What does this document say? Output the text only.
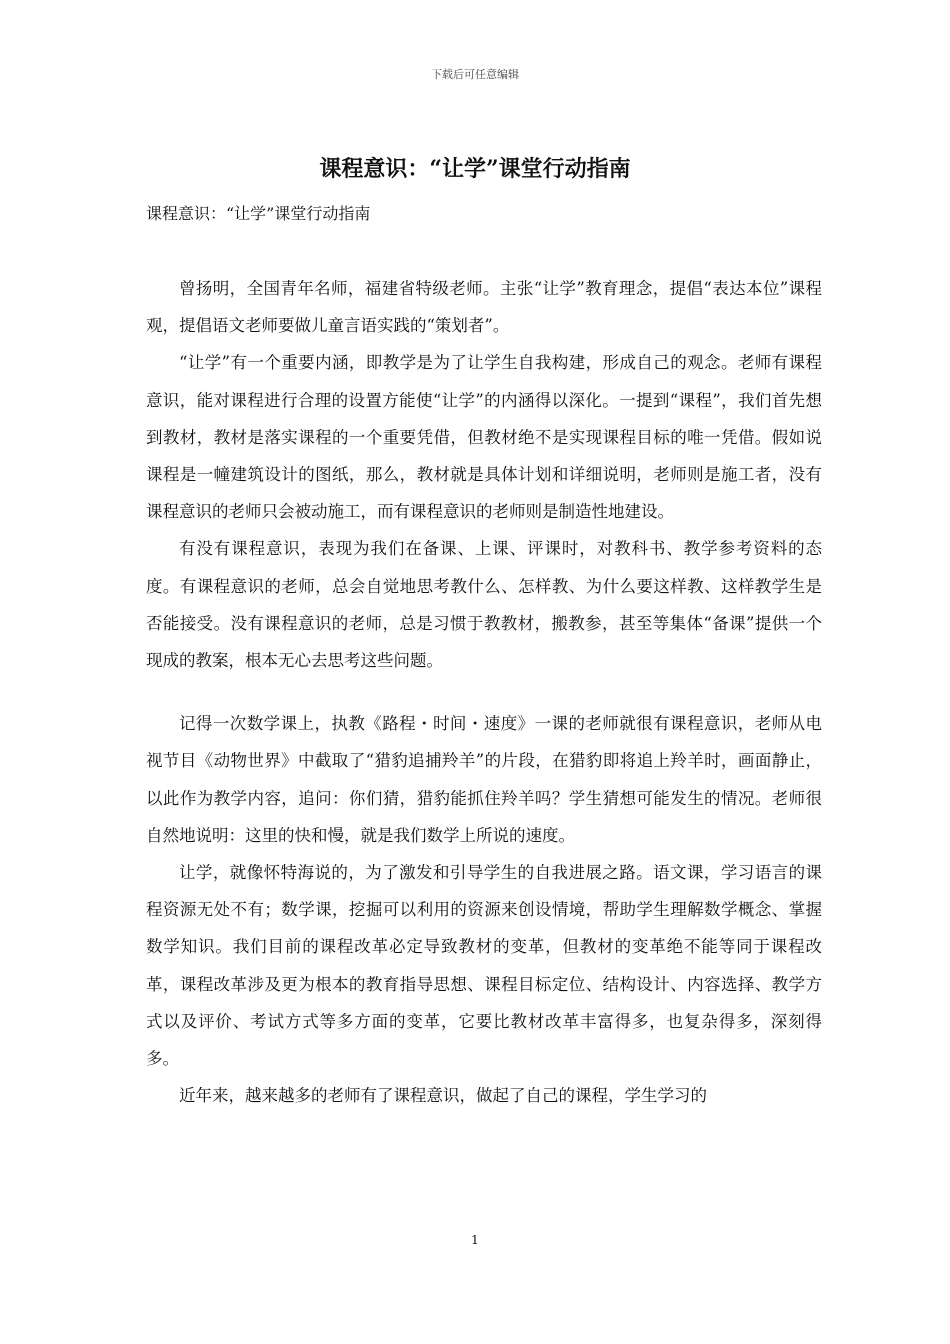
下载后可任意编辑
课程意识：“让学”课堂行动指南

课程意识：“让学”课堂行动指南

曾扬明，全国青年名师，福建省特级老师。主张“让学”教育理念，提倡“表达本位”课程观，提倡语文老师要做儿童言语实践的“策划者”。

“让学”有一个重要内涵，即教学是为了让学生自我构建，形成自己的观念。老师有课程意识，能对课程进行合理的设置方能使“让学”的内涵得以深化。一提到“课程”，我们首先想到教材，教材是落实课程的一个重要凭借，但教材绝不是实现课程目标的唯一凭借。假如说课程是一幢建筑设计的图纸，那么，教材就是具体计划和详细说明，老师则是施工者，没有课程意识的老师只会被动施工，而有课程意识的老师则是制造性地建设。

有没有课程意识，表现为我们在备课、上课、评课时，对教科书、教学参考资料的态度。有课程意识的老师，总会自觉地思考教什么、怎样教、为什么要这样教、这样教学生是否能接受。没有课程意识的老师，总是习惯于教教材，搬教参，甚至等集体“备课”提供一个现成的教案，根本无心去思考这些问题。

记得一次数学课上，执教《路程・时间・速度》一课的老师就很有课程意识，老师从电视节目《动物世界》中截取了“猎豹追捕羚羊”的片段，在猎豹即将追上羚羊时，画面静止，以此作为教学内容，追问：你们猜，猎豹能抓住羚羊吗？学生猜想可能发生的情况。老师很自然地说明：这里的快和慢，就是我们数学上所说的速度。

让学，就像怀特海说的，为了激发和引导学生的自我进展之路。语文课，学习语言的课程资源无处不有；数学课，挖掘可以利用的资源来创设情境，帮助学生理解数学概念、掌握数学知识。我们目前的课程改革必定导致教材的变革，但教材的变革绝不能等同于课程改革，课程改革涉及更为根本的教育指导思想、课程目标定位、结构设计、内容选择、教学方式以及评价、考试方式等多方面的变革，它要比教材改革丰富得多，也复杂得多，深刻得多。

近年来，越来越多的老师有了课程意识，做起了自己的课程，学生学习的

1
